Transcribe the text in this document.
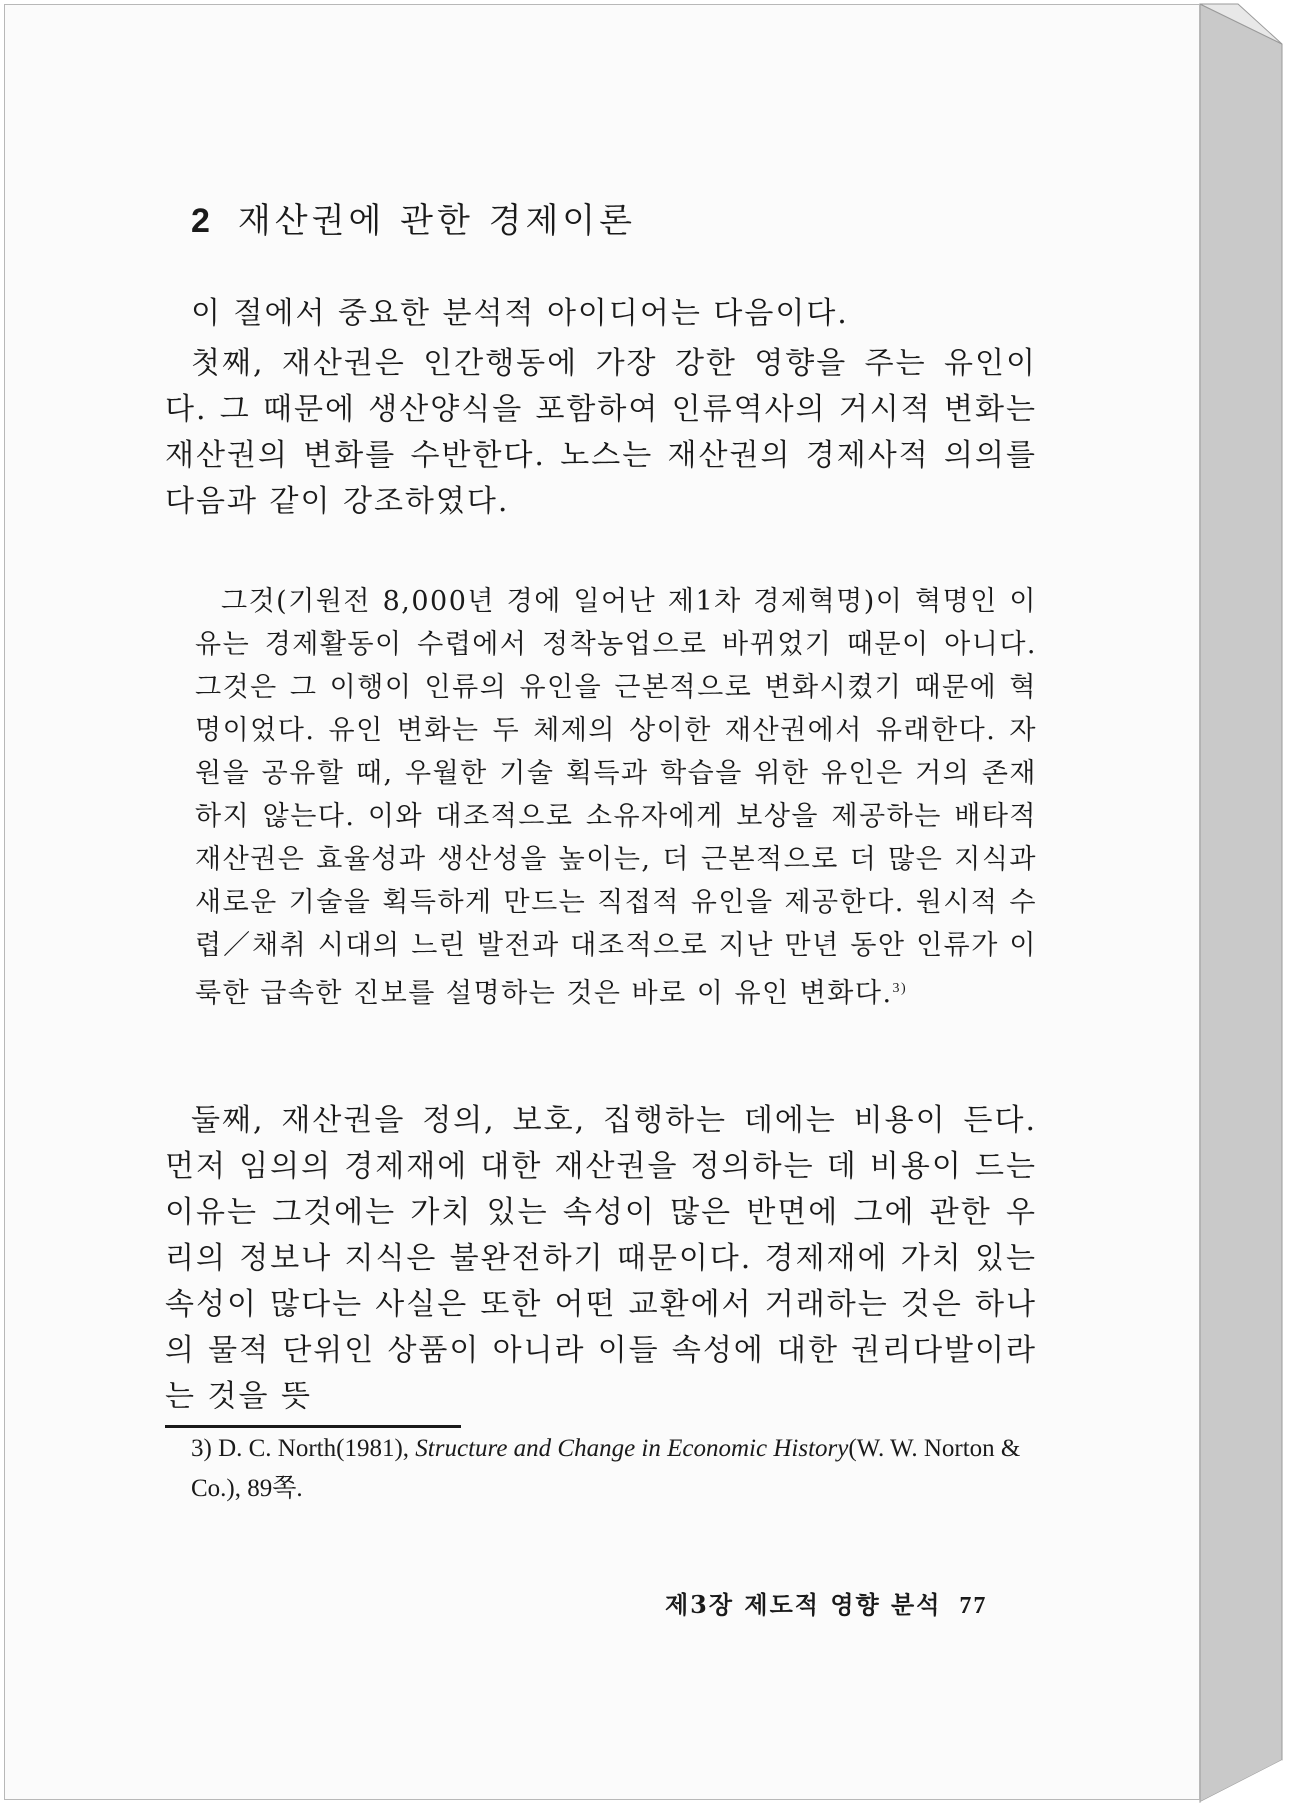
2 재산권에 관한 경제이론
이 절에서 중요한 분석적 아이디어는 다음이다.
첫째, 재산권은 인간행동에 가장 강한 영향을 주는 유인이다. 그 때문에 생산양식을 포함하여 인류역사의 거시적 변화는 재산권의 변화를 수반한다. 노스는 재산권의 경제사적 의의를 다음과 같이 강조하였다.
그것(기원전 8,000년 경에 일어난 제1차 경제혁명)이 혁명인 이유는 경제활동이 수렵에서 정착농업으로 바뀌었기 때문이 아니다. 그것은 그 이행이 인류의 유인을 근본적으로 변화시켰기 때문에 혁명이었다. 유인 변화는 두 체제의 상이한 재산권에서 유래한다. 자원을 공유할 때, 우월한 기술 획득과 학습을 위한 유인은 거의 존재하지 않는다. 이와 대조적으로 소유자에게 보상을 제공하는 배타적 재산권은 효율성과 생산성을 높이는, 더 근본적으로 더 많은 지식과 새로운 기술을 획득하게 만드는 직접적 유인을 제공한다. 원시적 수렵／채취 시대의 느린 발전과 대조적으로 지난 만년 동안 인류가 이룩한 급속한 진보를 설명하는 것은 바로 이 유인 변화다.$^{3)}$
둘째, 재산권을 정의, 보호, 집행하는 데에는 비용이 든다. 먼저 임의의 경제재에 대한 재산권을 정의하는 데 비용이 드는 이유는 그것에는 가치 있는 속성이 많은 반면에 그에 관한 우리의 정보나 지식은 불완전하기 때문이다. 경제재에 가치 있는 속성이 많다는 사실은 또한 어떤 교환에서 거래하는 것은 하나의 물적 단위인 상품이 아니라 이들 속성에 대한 권리다발이라는 것을 뜻
3) D. C. North(1981), Structure and Change in Economic History(W. W. Norton & Co.), 89쪽.
제3장 제도적 영향 분석 77
